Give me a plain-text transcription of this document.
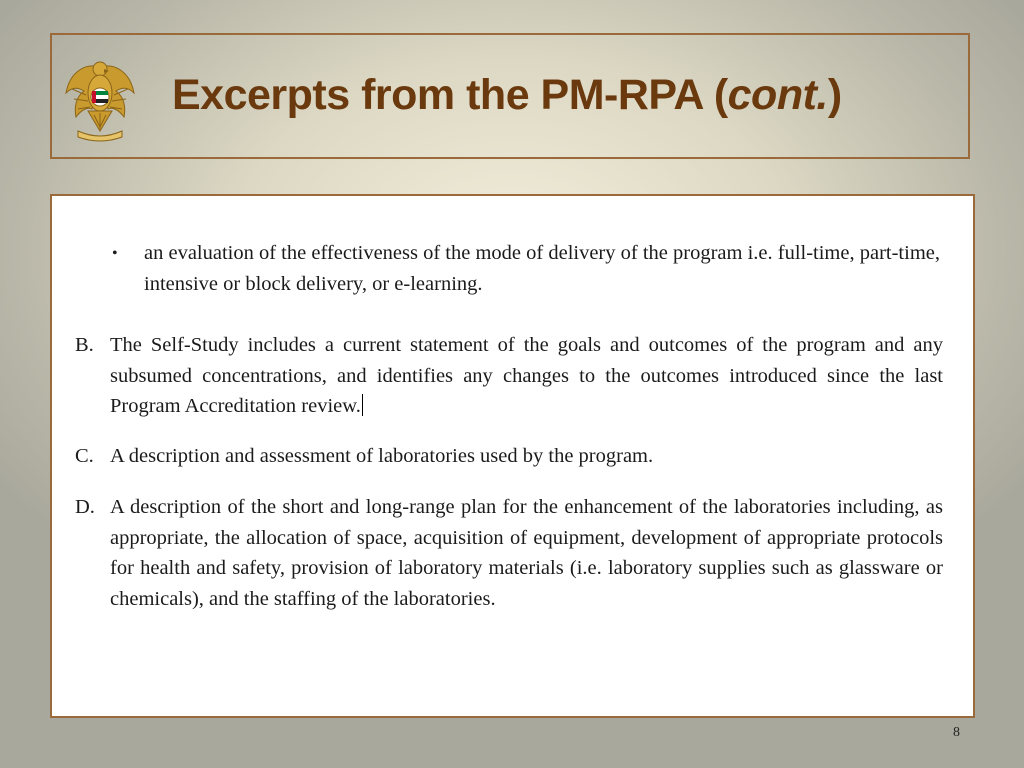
Excerpts from the PM-RPA (cont.)
• an evaluation of the effectiveness of the mode of delivery of the program i.e. full-time, part-time, intensive or block delivery, or e-learning.
B. The Self-Study includes a current statement of the goals and outcomes of the program and any subsumed concentrations, and identifies any changes to the outcomes introduced since the last Program Accreditation review.
C. A description and assessment of laboratories used by the program.
D. A description of the short and long-range plan for the enhancement of the laboratories including, as appropriate, the allocation of space, acquisition of equipment, development of appropriate protocols for health and safety, provision of laboratory materials (i.e. laboratory supplies such as glassware or chemicals), and the staffing of the laboratories.
8
